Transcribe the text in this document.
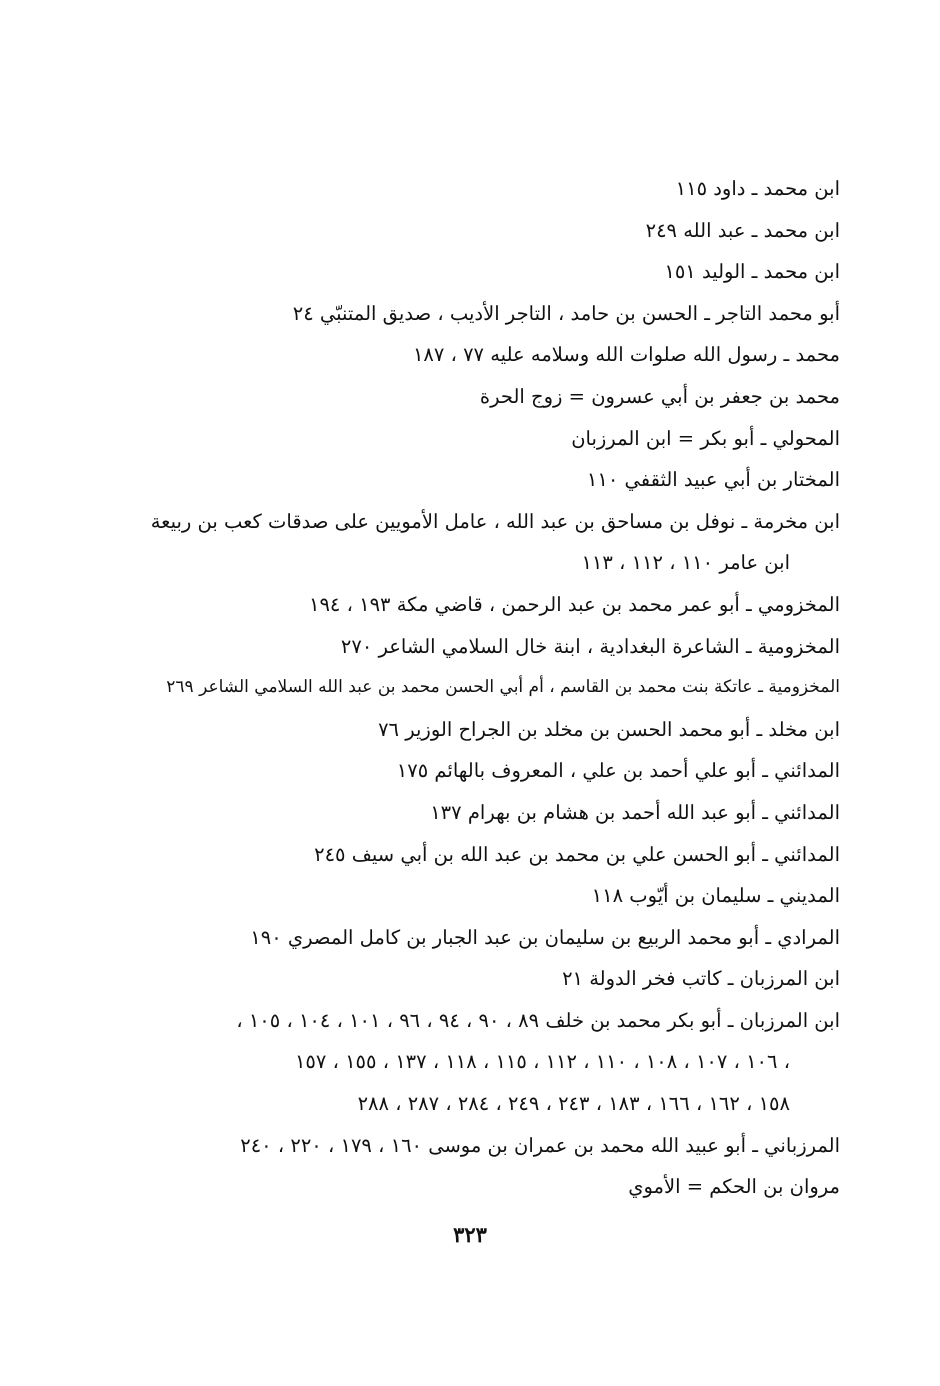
ابن محمد ـ داود ١١٥
ابن محمد ـ عبد الله ٢٤٩
ابن محمد ـ الوليد ١٥١
أبو محمد التاجر ـ الحسن بن حامد ، التاجر الأديب ، صديق المتنبّي ٢٤
محمد ـ رسول الله صلوات الله وسلامه عليه ٧٧ ، ١٨٧
محمد بن جعفر بن أبي عسرون = زوج الحرة
المحولي ـ أبو بكر = ابن المرزبان
المختار بن أبي عبيد الثقفي ١١٠
ابن مخرمة ـ نوفل بن مساحق بن عبد الله ، عامل الأمويين على صدقات كعب بن ربيعة
ابن عامر ١١٠ ، ١١٢ ، ١١٣
المخزومي ـ أبو عمر محمد بن عبد الرحمن ، قاضي مكة ١٩٣ ، ١٩٤
المخزومية ـ الشاعرة البغدادية ، ابنة خال السلامي الشاعر ٢٧٠
المخزومية ـ عاتكة بنت محمد بن القاسم ، أم أبي الحسن محمد بن عبد الله السلامي الشاعر ٢٦٩
ابن مخلد ـ أبو محمد الحسن بن مخلد بن الجراح الوزير ٧٦
المدائني ـ أبو علي أحمد بن علي ، المعروف بالهائم ١٧٥
المدائني ـ أبو عبد الله أحمد بن هشام بن بهرام ١٣٧
المدائني ـ أبو الحسن علي بن محمد بن عبد الله بن أبي سيف ٢٤٥
المديني ـ سليمان بن أيّوب ١١٨
المرادي ـ أبو محمد الربيع بن سليمان بن عبد الجبار بن كامل المصري ١٩٠
ابن المرزبان ـ كاتب فخر الدولة ٢١
ابن المرزبان ـ أبو بكر محمد بن خلف ٨٩ ، ٩٠ ، ٩٤ ، ٩٦ ، ١٠١ ، ١٠٤ ، ١٠٥ ،
١٠٦ ، ١٠٧ ، ١٠٨ ، ١١٠ ، ١١٢ ، ١١٥ ، ١١٨ ، ١٣٧ ، ١٥٥ ، ١٥٧ ،
١٥٨ ، ١٦٢ ، ١٦٦ ، ١٨٣ ، ٢٤٣ ، ٢٤٩ ، ٢٨٤ ، ٢٨٧ ، ٢٨٨
المرزباني ـ أبو عبيد الله محمد بن عمران بن موسى ١٦٠ ، ١٧٩ ، ٢٢٠ ، ٢٤٠
مروان بن الحكم = الأموي
٣٢٣
